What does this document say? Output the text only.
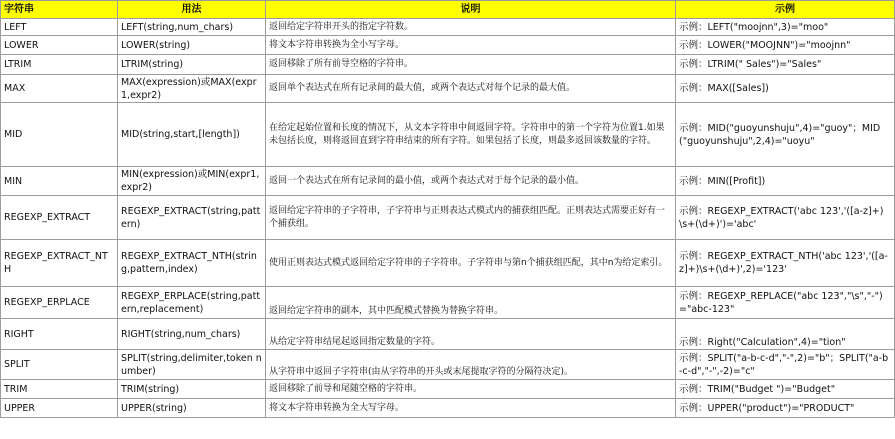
字符串	用法	说明	示例
LEFT	LEFT(string,num_chars)	返回给定字符串开头的指定字符数。	示例：LEFT("moojnn",3)="moo"
LOWER	LOWER(string)	将文本字符串转换为全小写字母。	示例：LOWER("MOOJNN")="moojnn"
LTRIM	LTRIM(string)	返回移除了所有前导空格的字符串。	示例：LTRIM(" Sales")="Sales"
MAX	MAX(expression)或MAX(expr1,expr2)	返回单个表达式在所有记录间的最大值，或两个表达式对每个记录的最大值。	示例：MAX([Sales])
MID	MID(string,start,[length])	在给定起始位置和长度的情况下，从文本字符串中间返回字符。字符串中的第一个字符为位置1.如果未包括长度，则将返回直到字符串结束的所有字符。如果包括了长度，则最多返回该数量的字符。	示例：MID("guoyunshuju",4)="guoy"；MID("guoyunshuju",2,4)="uoyu"
MIN	MIN(expression)或MIN(expr1,expr2)	返回一个表达式在所有记录间的最小值，或两个表达式对于每个记录的最小值。	示例：MIN([Profit])
REGEXP_EXTRACT	REGEXP_EXTRACT(string,pattern)	返回给定字符串的子字符串，子字符串与正则表达式模式内的捕获组匹配。正则表达式需要正好有一个捕获组。	示例：REGEXP_EXTRACT('abc 123','([a-z]+)\s+(\d+)')='abc'
REGEXP_EXTRACT_NTH	REGEXP_EXTRACT_NTH(string,pattern,index)	使用正则表达式模式返回给定字符串的子字符串。子字符串与第n个捕获组匹配，其中n为给定索引。	示例：REGEXP_EXTRACT_NTH('abc 123','([a-z]+)\s+(\d+)',2)='123'
REGEXP_ERPLACE	REGEXP_ERPLACE(string,pattern,replacement)	返回给定字符串的副本，其中匹配模式替换为替换字符串。	示例：REGEXP_REPLACE("abc 123","\s","-")="abc-123"
RIGHT	RIGHT(string,num_chars)	从给定字符串结尾起返回指定数量的字符。	示例：Right("Calculation",4)="tion"
SPLIT	SPLIT(string,delimiter,token number)	从字符串中返回子字符串(由从字符串的开头或末尾提取字符的分隔符决定)。	示例：SPLIT("a-b-c-d","-",2)="b"；SPLIT("a-b-c-d","-",-2)="c"
TRIM	TRIM(string)	返回移除了前导和尾随空格的字符串。	示例：TRIM("Budget ")="Budget"
UPPER	UPPER(string)	将文本字符串转换为全大写字母。	示例：UPPER("product")="PRODUCT"
